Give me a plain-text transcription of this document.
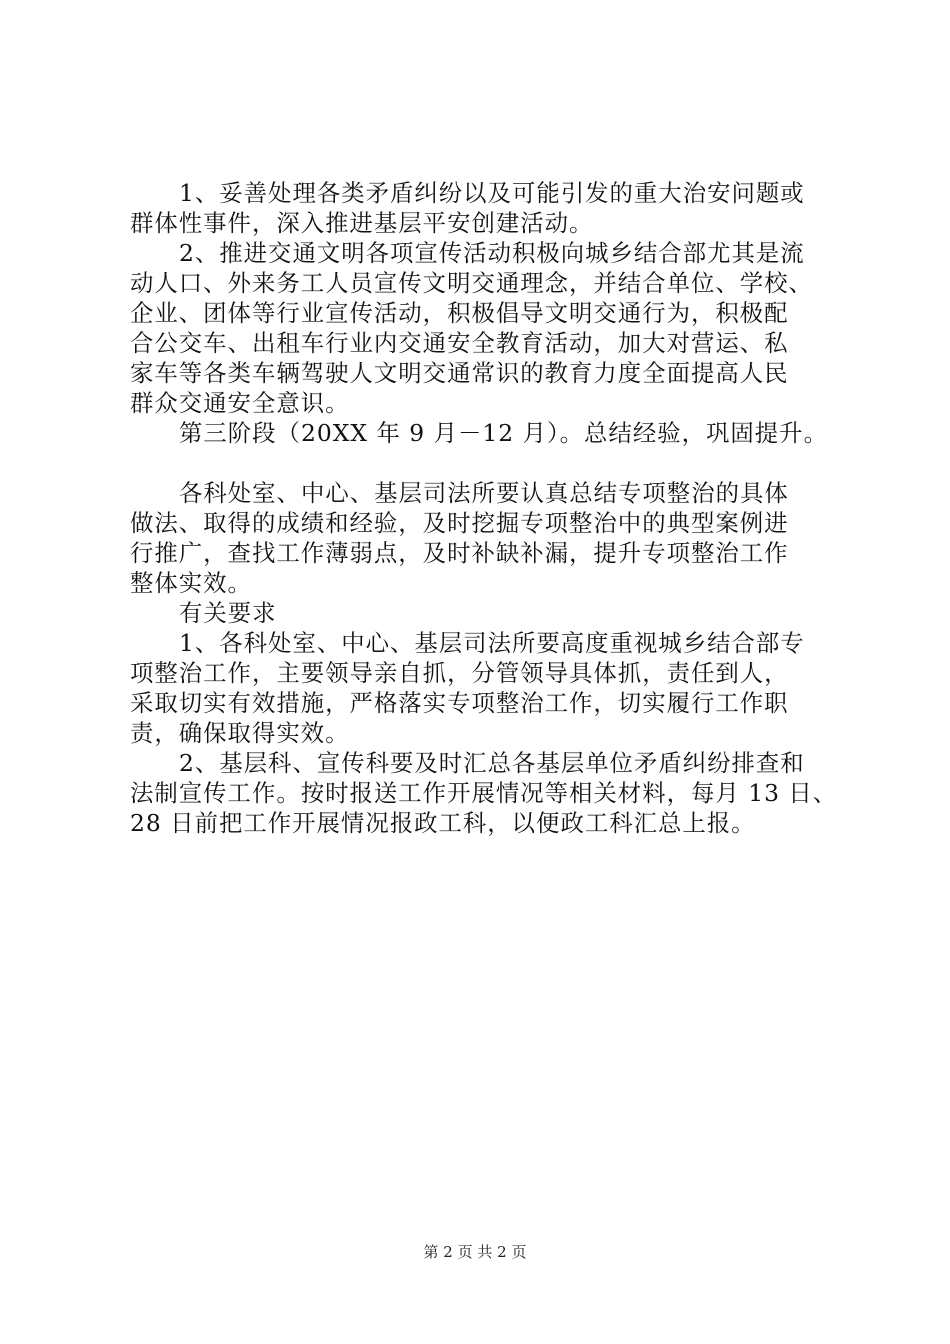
1、妥善处理各类矛盾纠纷以及可能引发的重大治安问题或
群体性事件，深入推进基层平安创建活动。
2、推进交通文明各项宣传活动积极向城乡结合部尤其是流
动人口、外来务工人员宣传文明交通理念，并结合单位、学校、
企业、团体等行业宣传活动，积极倡导文明交通行为，积极配
合公交车、出租车行业内交通安全教育活动，加大对营运、私
家车等各类车辆驾驶人文明交通常识的教育力度全面提高人民
群众交通安全意识。
第三阶段（20XX 年 9 月－12 月）。总结经验，巩固提升。
各科处室、中心、基层司法所要认真总结专项整治的具体
做法、取得的成绩和经验，及时挖掘专项整治中的典型案例进
行推广，查找工作薄弱点，及时补缺补漏，提升专项整治工作
整体实效。
有关要求
1、各科处室、中心、基层司法所要高度重视城乡结合部专
项整治工作，主要领导亲自抓，分管领导具体抓，责任到人，
采取切实有效措施，严格落实专项整治工作，切实履行工作职
责，确保取得实效。
2、基层科、宣传科要及时汇总各基层单位矛盾纠纷排查和
法制宣传工作。按时报送工作开展情况等相关材料，每月 13 日、
28 日前把工作开展情况报政工科，以便政工科汇总上报。
第 2 页 共 2 页
